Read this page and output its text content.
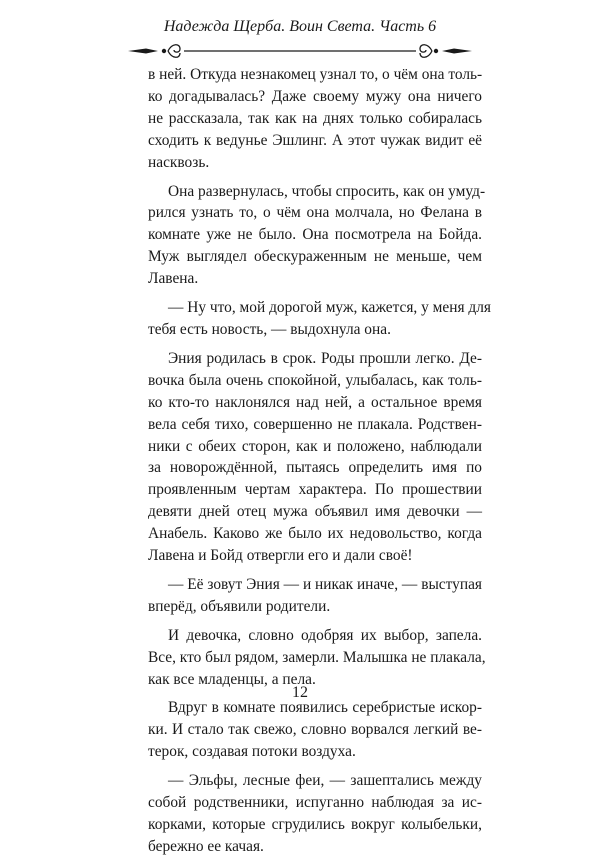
Надежда Щерба. Воин Света. Часть 6
в ней. Откуда незнакомец узнал то, о чём она толь-
ко догадывалась? Даже своему мужу она ничего
не рассказала, так как на днях только собиралась
сходить к ведунье Эшлинг. А этот чужак видит её
насквозь.
Она развернулась, чтобы спросить, как он умуд-
рился узнать то, о чём она молчала, но Фелана в
комнате уже не было. Она посмотрела на Бойда.
Муж выглядел обескураженным не меньше, чем
Лавена.
— Ну что, мой дорогой муж, кажется, у меня для
тебя есть новость, — выдохнула она.
Эния родилась в срок. Роды прошли легко. Де-
вочка была очень спокойной, улыбалась, как толь-
ко кто-то наклонялся над ней, а остальное время
вела себя тихо, совершенно не плакала. Родствен-
ники с обеих сторон, как и положено, наблюдали
за новорождённой, пытаясь определить имя по
проявленным чертам характера. По прошествии
девяти дней отец мужа объявил имя девочки —
Анабель. Каково же было их недовольство, когда
Лавена и Бойд отвергли его и дали своё!
— Её зовут Эния — и никак иначе, — выступая
вперёд, объявили родители.
И девочка, словно одобряя их выбор, запела.
Все, кто был рядом, замерли. Малышка не плакала,
как все младенцы, а пела.
Вдруг в комнате появились серебристые искор-
ки. И стало так свежо, словно ворвался легкий ве-
терок, создавая потоки воздуха.
— Эльфы, лесные феи, — зашептались между
собой родственники, испуганно наблюдая за ис-
корками, которые сгрудились вокруг колыбельки,
бережно ее качая.
12
